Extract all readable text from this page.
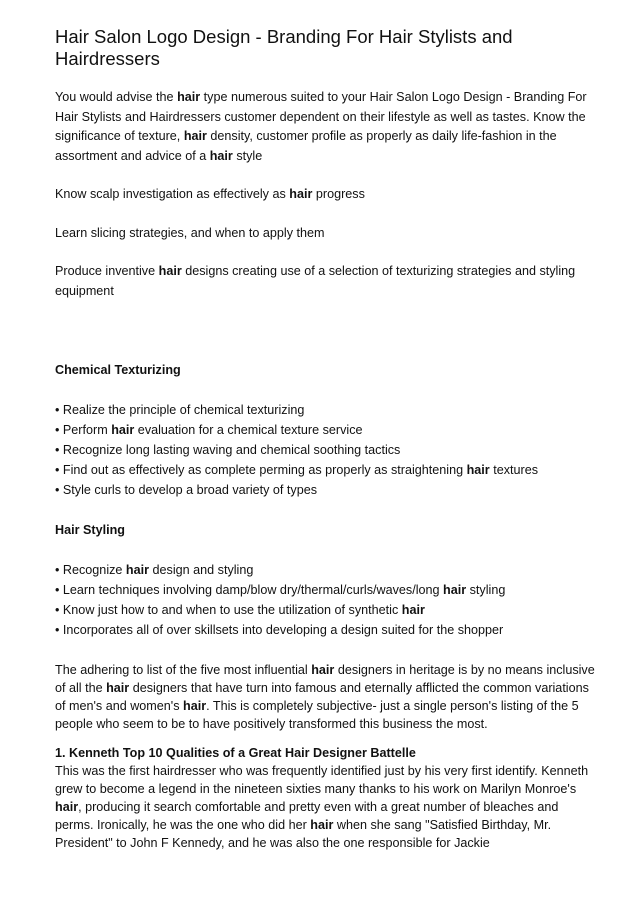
Hair Salon Logo Design - Branding For Hair Stylists and Hairdressers

You would advise the hair type numerous suited to your Hair Salon Logo Design - Branding For Hair Stylists and Hairdressers customer dependent on their lifestyle as well as tastes. Know the significance of texture, hair density, customer profile as properly as daily life-fashion in the assortment and advice of a hair style

Know scalp investigation as effectively as hair progress

Learn slicing strategies, and when to apply them

Produce inventive hair designs creating use of a selection of texturizing strategies and styling equipment

Chemical Texturizing
• Realize the principle of chemical texturizing
• Perform hair evaluation for a chemical texture service
• Recognize long lasting waving and chemical soothing tactics
• Find out as effectively as complete perming as properly as straightening hair textures
• Style curls to develop a broad variety of types
Hair Styling
• Recognize hair design and styling
• Learn techniques involving damp/blow dry/thermal/curls/waves/long hair styling
• Know just how to and when to use the utilization of synthetic hair
• Incorporates all of over skillsets into developing a design suited for the shopper

The adhering to list of the five most influential hair designers in heritage is by no means inclusive of all the hair designers that have turn into famous and eternally afflicted the common variations of men's and women's hair. This is completely subjective- just a single person's listing of the 5 people who seem to be to have positively transformed this business the most.

1. Kenneth Top 10 Qualities of a Great Hair Designer Battelle

This was the first hairdresser who was frequently identified just by his very first identify. Kenneth grew to become a legend in the nineteen sixties many thanks to his work on Marilyn Monroe's hair, producing it search comfortable and pretty even with a great number of bleaches and perms. Ironically, he was the one who did her hair when she sang "Satisfied Birthday, Mr. President" to John F Kennedy, and he was also the one responsible for Jackie
